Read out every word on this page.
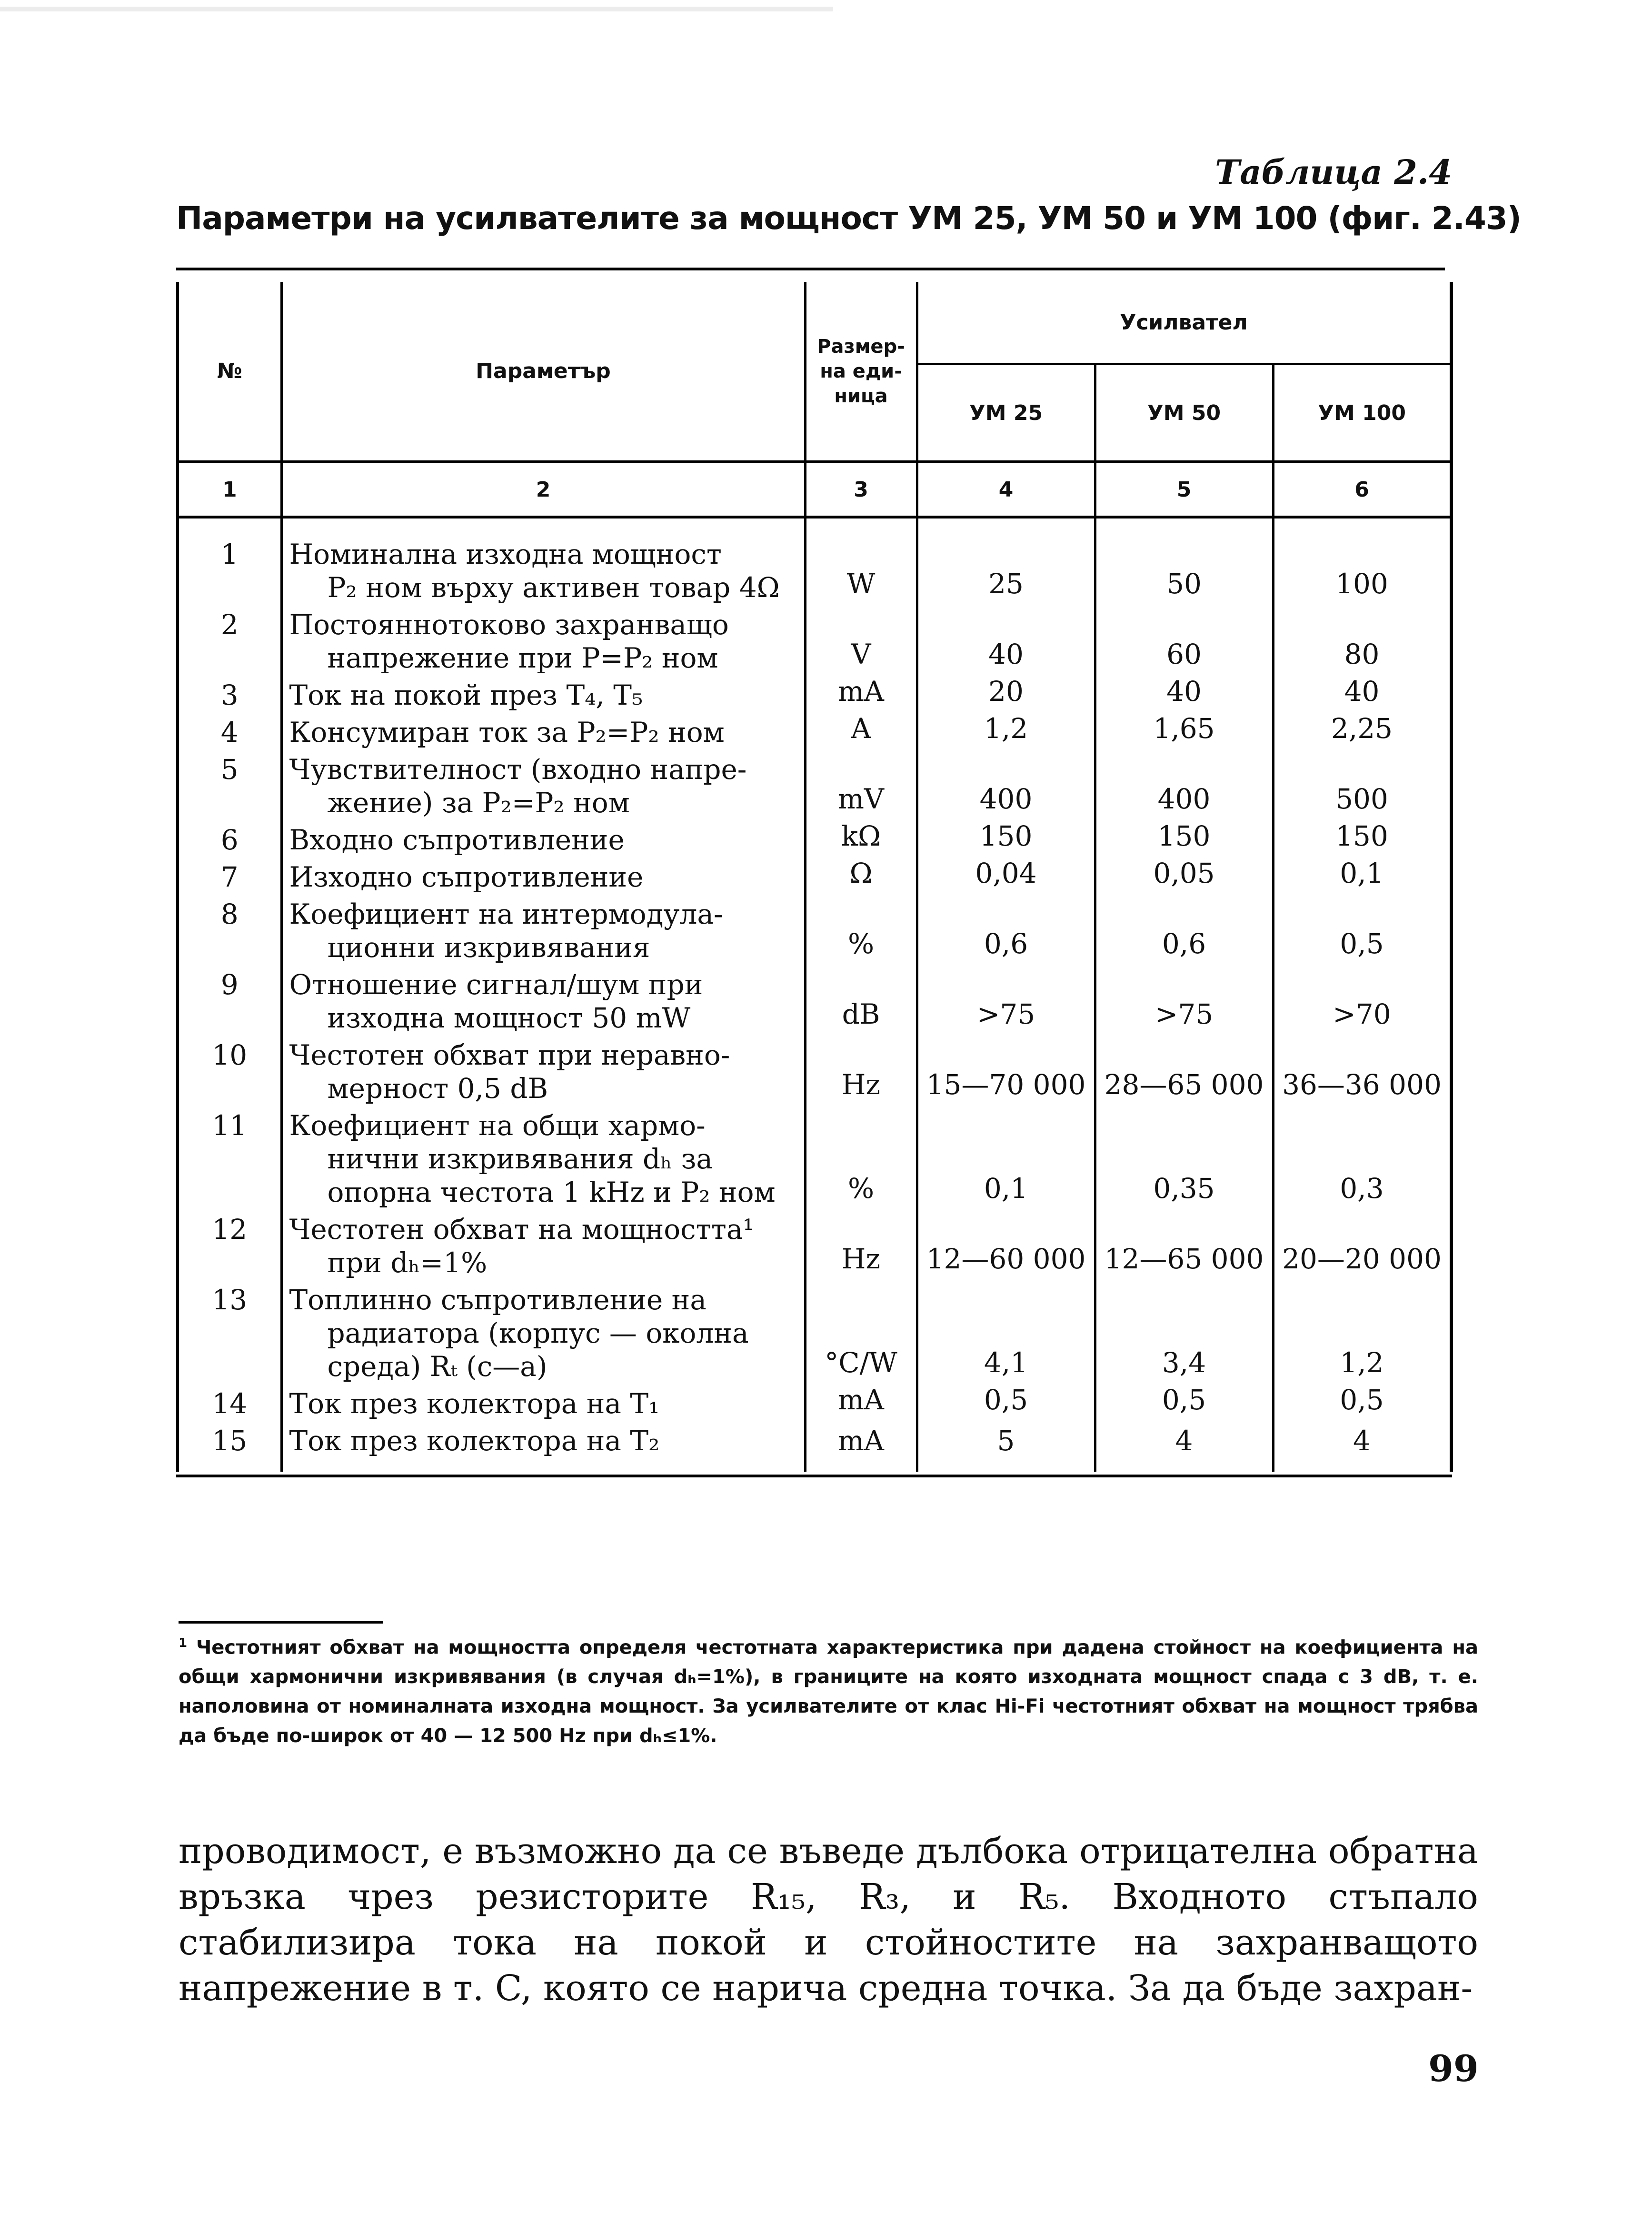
Таблица 2.4
Параметри на усилвателите за мощност УМ 25, УМ 50 и УМ 100 (фиг. 2.43)
№	Параметър	Размер-на еди-ница	Усилвател		
			УМ 25	УМ 50	УМ 100
1	2	3	4	5	6
1	Номинална изходна мощност
P₂ ном върху активен товар 4Ω	W	25	50	100
2	Постояннотоково захранващо
напрежение при P=P₂ ном	V	40	60	80
3	Ток на покой през T₄, T₅	mA	20	40	40
4	Консумиран ток за P₂=P₂ ном	A	1,2	1,65	2,25
5	Чувствителност (входно напре-
жение) за P₂=P₂ ном	mV	400	400	500
6	Входно съпротивление	kΩ	150	150	150
7	Изходно съпротивление	Ω	0,04	0,05	0,1
8	Коефициент на интермодула-
ционни изкривявания	%	0,6	0,6	0,5
9	Отношение сигнал/шум при
изходна мощност 50 mW	dB	>75	>75	>70
10	Честотен обхват при неравно-
мерност 0,5 dB	Hz	15—70 000	28—65 000	36—36 000
11	Коефициент на общи хармо-
нични изкривявания dₕ за
опорна честота 1 kHz и P₂ ном	%	0,1	0,35	0,3
12	Честотен обхват на мощността¹
при dₕ=1%	Hz	12—60 000	12—65 000	20—20 000
13	Топлинно съпротивление на
радиатора (корпус — околна
среда) Rₜ (c—a)	°C/W	4,1	3,4	1,2
14	Ток през колектора на T₁	mA	0,5	0,5	0,5
15	Ток през колектора на T₂	mA	5	4	4
$^1$ Честотният обхват на мощността определя честотната характеристика при дадена стойност на коефициента на общи хармонични изкривявания (в случая dₕ=1%), в границите на която изходната мощност спада с 3 dB, т. е. наполовина от номиналната изходна мощност. За усилвателите от клас Hi-Fi честотният обхват на мощност трябва да бъде по-широк от 40 — 12 500 Hz при dₕ≤1%.
проводимост, е възможно да се въведе дълбока отрицателна обратна връзка чрез резисторите R₁₅, R₃, и R₅. Входното стъпало стабилизира тока на покой и стойностите на захранващото напрежение в т. C, която се нарича средна точка. За да бъде захран-
99
